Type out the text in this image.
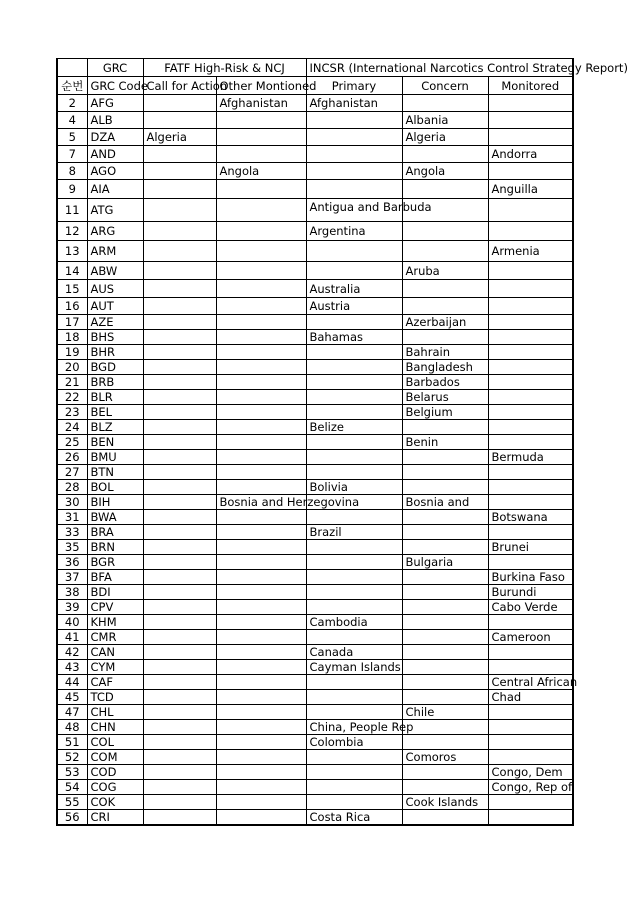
	GRC	FATF High-Risk & NCJ		INCSR (International Narcotics Control Strategy Report)		
순번	GRC Code	Call for Action	Other Montioned	Primary	Concern	Monitored
2	AFG		Afghanistan	Afghanistan		
4	ALB				Albania	
5	DZA	Algeria			Algeria	
7	AND					Andorra
8	AGO		Angola		Angola	
9	AIA					Anguilla
11	ATG			Antigua and Barbuda		
12	ARG			Argentina		
13	ARM					Armenia
14	ABW				Aruba	
15	AUS			Australia		
16	AUT			Austria		
17	AZE				Azerbaijan	
18	BHS			Bahamas		
19	BHR				Bahrain	
20	BGD				Bangladesh	
21	BRB				Barbados	
22	BLR				Belarus	
23	BEL				Belgium	
24	BLZ			Belize		
25	BEN				Benin	
26	BMU					Bermuda
27	BTN					
28	BOL			Bolivia		
30	BIH		Bosnia and Herzegovina		Bosnia and	
31	BWA					Botswana
33	BRA			Brazil		
35	BRN					Brunei
36	BGR				Bulgaria	
37	BFA					Burkina Faso
38	BDI					Burundi
39	CPV					Cabo Verde
40	KHM			Cambodia		
41	CMR					Cameroon
42	CAN			Canada		
43	CYM			Cayman Islands		
44	CAF					Central African
45	TCD					Chad
47	CHL				Chile	
48	CHN			China, People Rep		
51	COL			Colombia		
52	COM				Comoros	
53	COD					Congo, Dem
54	COG					Congo, Rep of
55	COK				Cook Islands	
56	CRI			Costa Rica		
